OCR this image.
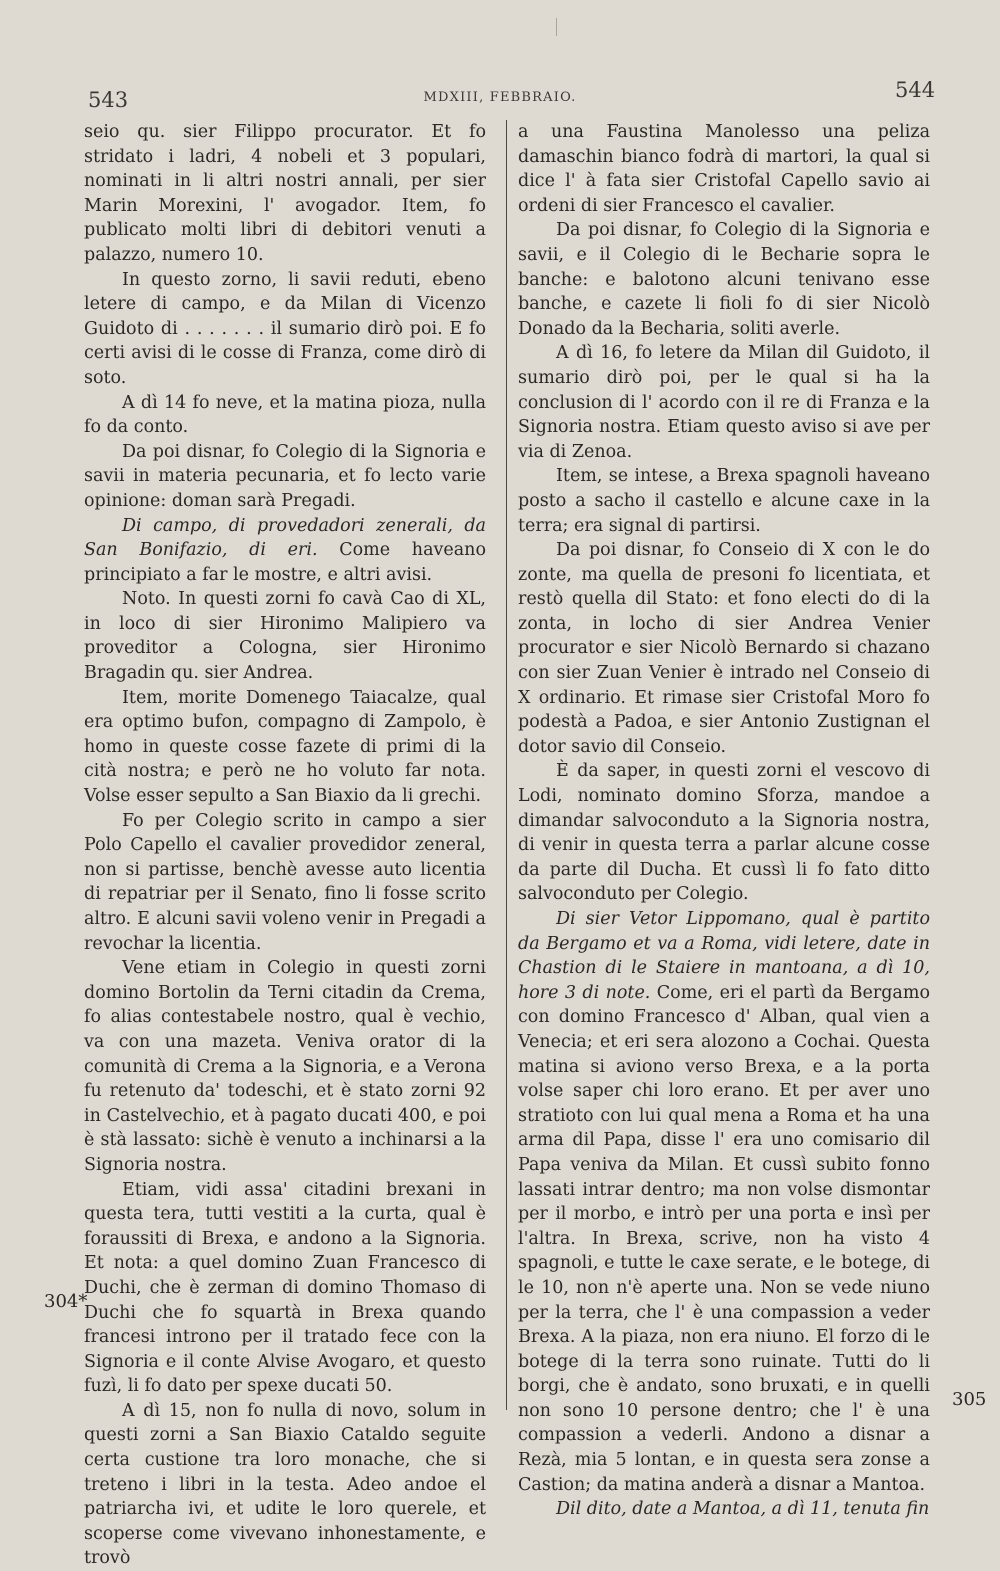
543	MDXIII, FEBBRAIO.	544

seio qu. sier Filippo procurator. Et fo stridato i ladri, 4 nobeli et 3 populari, nominati in li altri nostri annali, per sier Marin Morexini, l' avogador. Item, fo publicato molti libri di debitori venuti a palazzo, numero 10.

In questo zorno, li savii reduti, ebeno letere di campo, e da Milan di Vicenzo Guidoto di . . . . . . . il sumario dirò poi. E fo certi avisi di le cosse di Franza, come dirò di soto.

A dì 14 fo neve, et la matina pioza, nulla fo da conto.

Da poi disnar, fo Colegio di la Signoria e savii in materia pecunaria, et fo lecto varie opinione: doman sarà Pregadi.

Di campo, di provedadori zenerali, da San Bonifazio, di eri. Come haveano principiato a far le mostre, e altri avisi.

Noto. In questi zorni fo cavà Cao di XL, in loco di sier Hironimo Malipiero va proveditor a Cologna, sier Hironimo Bragadin qu. sier Andrea.

Item, morite Domenego Taiacalze, qual era optimo bufon, compagno di Zampolo, è homo in queste cosse fazete di primi di la cità nostra; e però ne ho voluto far nota. Volse esser sepulto a San Biaxio da li grechi.

Fo per Colegio scrito in campo a sier Polo Capello el cavalier provedidor zeneral, non si partisse, benchè avesse auto licentia di repatriar per il Senato, fino li fosse scrito altro. E alcuni savii voleno venir in Pregadi a revochar la licentia.

Vene etiam in Colegio in questi zorni domino Bortolin da Terni citadin da Crema, fo alias contestabele nostro, qual è vechio, va con una mazeta. Veniva orator di la comunità di Crema a la Signoria, e a Verona fu retenuto da' todeschi, et è stato zorni 92 in Castelvechio, et à pagato ducati 400, e poi è stà lassato: sichè è venuto a inchinarsi a la Signoria nostra.

Etiam, vidi assa' citadini brexani in questa tera, tutti vestiti a la curta, qual è foraussiti di Brexa, e andono a la Signoria. Et nota: a quel domino Zuan Francesco di Duchi, che è zerman di domino Thomaso di Duchi che fo squartà in Brexa quando francesi introno per il tratado fece con la Signoria e il conte Alvise Avogaro, et questo fuzì, li fo dato per spexe ducati 50.

A dì 15, non fo nulla di novo, solum in questi zorni a San Biaxio Cataldo seguite certa custione tra loro monache, che si treteno i libri in la testa. Adeo andoe el patriarcha ivi, et udite le loro querele, et scoperse come vivevano inhonestamente, e trovò

a una Faustina Manolesso una peliza damaschin bianco fodrà di martori, la qual si dice l' à fata sier Cristofal Capello savio ai ordeni di sier Francesco el cavalier.

Da poi disnar, fo Colegio di la Signoria e savii, e il Colegio di le Becharie sopra le banche: e balotono alcuni tenivano esse banche, e cazete li fioli fo di sier Nicolò Donado da la Becharia, soliti averle.

A dì 16, fo letere da Milan dil Guidoto, il sumario dirò poi, per le qual si ha la conclusion di l' acordo con il re di Franza e la Signoria nostra. Etiam questo aviso si ave per via di Zenoa.

Item, se intese, a Brexa spagnoli haveano posto a sacho il castello e alcune caxe in la terra; era signal di partirsi.

Da poi disnar, fo Conseio di X con le do zonte, ma quella de presoni fo licentiata, et restò quella dil Stato: et fono electi do di la zonta, in locho di sier Andrea Venier procurator e sier Nicolò Bernardo si chazano con sier Zuan Venier è intrado nel Conseio di X ordinario. Et rimase sier Cristofal Moro fo podestà a Padoa, e sier Antonio Zustignan el dotor savio dil Conseio.

È da saper, in questi zorni el vescovo di Lodi, nominato domino Sforza, mandoe a dimandar salvoconduto a la Signoria nostra, di venir in questa terra a parlar alcune cosse da parte dil Ducha. Et cussì li fo fato ditto salvoconduto per Colegio.

Di sier Vetor Lippomano, qual è partito da Bergamo et va a Roma, vidi letere, date in Chastion di le Staiere in mantoana, a dì 10, hore 3 di note. Come, eri el partì da Bergamo con domino Francesco d' Alban, qual vien a Venecia; et eri sera alozono a Cochai. Questa matina si aviono verso Brexa, e a la porta volse saper chi loro erano. Et per aver uno stratioto con lui qual mena a Roma et ha una arma dil Papa, disse l' era uno comisario dil Papa veniva da Milan. Et cussì subito fonno lassati intrar dentro; ma non volse dismontar per il morbo, e intrò per una porta e insì per l'altra. In Brexa, scrive, non ha visto 4 spagnoli, e tutte le caxe serate, e le botege, di le 10, non n'è aperte una. Non se vede niuno per la terra, che l' è una compassion a veder Brexa. A la piaza, non era niuno. El forzo di le botege di la terra sono ruinate. Tutti do li borgi, che è andato, sono bruxati, e in quelli non sono 10 persone dentro; che l' è una compassion a vederli. Andono a disnar a Rezà, mia 5 lontan, e in questa sera zonse a Castion; da matina anderà a disnar a Mantoa.

Dil dito, date a Mantoa, a dì 11, tenuta fin

304*
305
